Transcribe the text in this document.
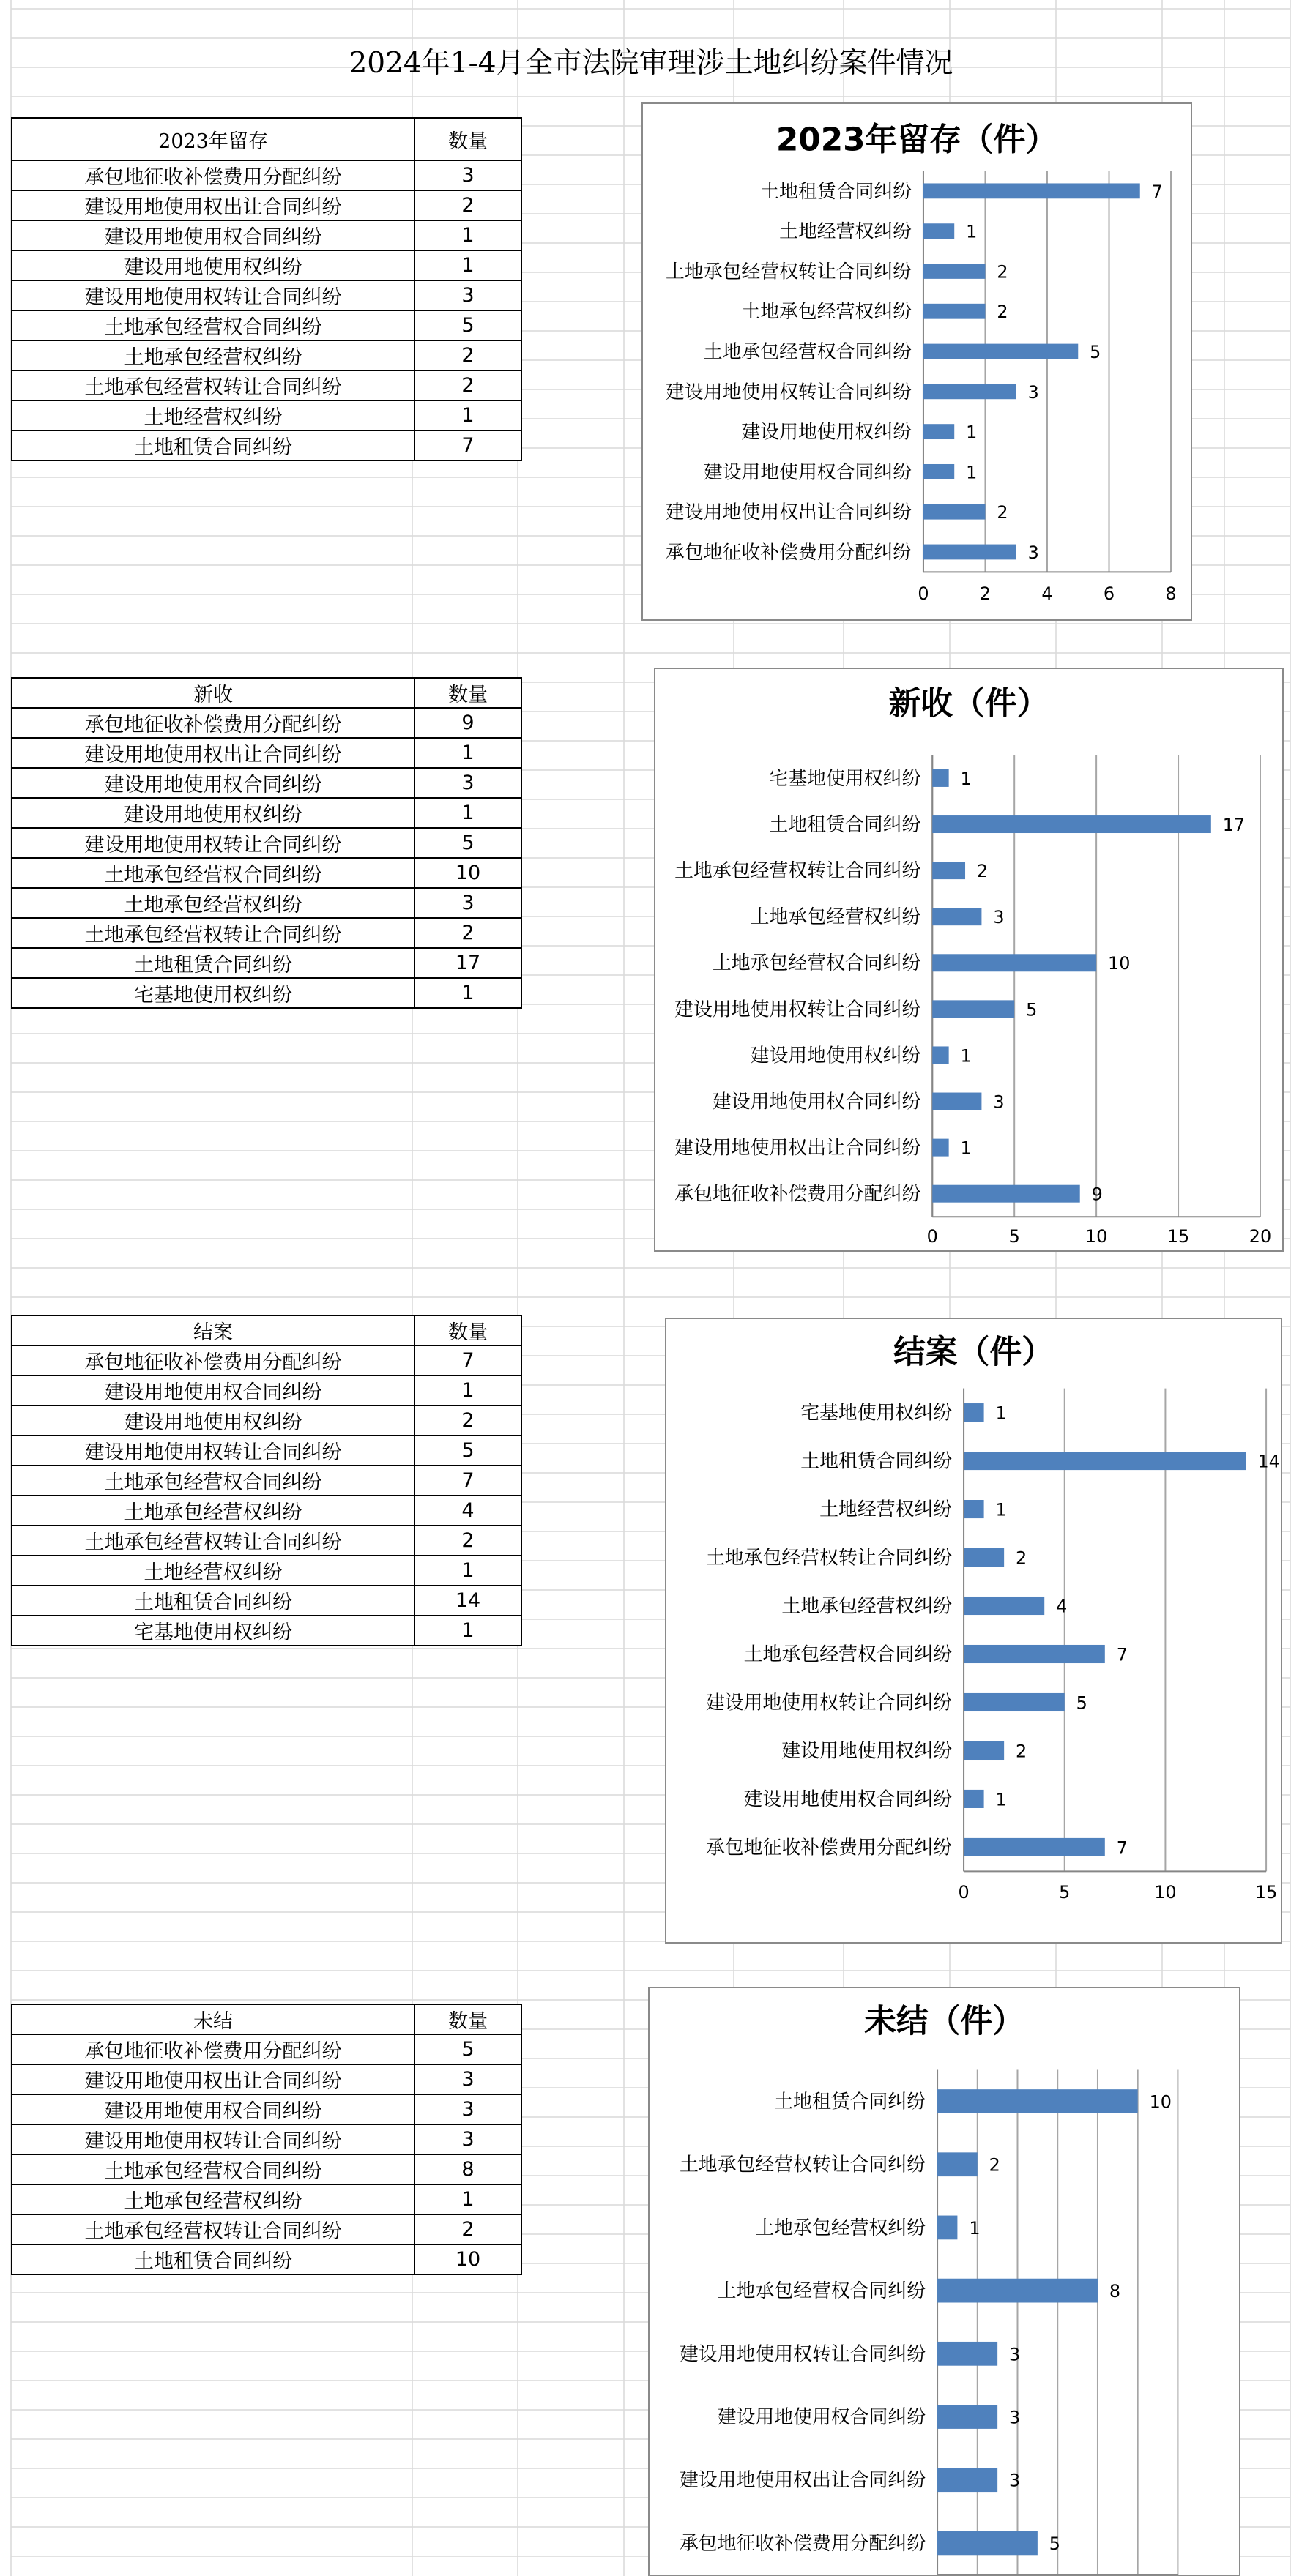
2024年1-4月全市法院审理涉土地纠纷案件情况
2023年留存	数量
承包地征收补偿费用分配纠纷	3
建设用地使用权出让合同纠纷	2
建设用地使用权合同纠纷	1
建设用地使用权纠纷	1
建设用地使用权转让合同纠纷	3
土地承包经营权合同纠纷	5
土地承包经营权纠纷	2
土地承包经营权转让合同纠纷	2
土地经营权纠纷	1
土地租赁合同纠纷	7
新收	数量
承包地征收补偿费用分配纠纷	9
建设用地使用权出让合同纠纷	1
建设用地使用权合同纠纷	3
建设用地使用权纠纷	1
建设用地使用权转让合同纠纷	5
土地承包经营权合同纠纷	10
土地承包经营权纠纷	3
土地承包经营权转让合同纠纷	2
土地租赁合同纠纷	17
宅基地使用权纠纷	1
结案	数量
承包地征收补偿费用分配纠纷	7
建设用地使用权合同纠纷	1
建设用地使用权纠纷	2
建设用地使用权转让合同纠纷	5
土地承包经营权合同纠纷	7
土地承包经营权纠纷	4
土地承包经营权转让合同纠纷	2
土地经营权纠纷	1
土地租赁合同纠纷	14
宅基地使用权纠纷	1
未结	数量
承包地征收补偿费用分配纠纷	5
建设用地使用权出让合同纠纷	3
建设用地使用权合同纠纷	3
建设用地使用权转让合同纠纷	3
土地承包经营权合同纠纷	8
土地承包经营权纠纷	1
土地承包经营权转让合同纠纷	2
土地租赁合同纠纷	10
2023年留存（件）
土地租赁合同纠纷	7
土地经营权纠纷	1
土地承包经营权转让合同纠纷	2
土地承包经营权纠纷	2
土地承包经营权合同纠纷	5
建设用地使用权转让合同纠纷	3
建设用地使用权纠纷	1
建设用地使用权合同纠纷	1
建设用地使用权出让合同纠纷	2
承包地征收补偿费用分配纠纷	3
0	2	4	6	8
新收（件）
宅基地使用权纠纷 1
土地租赁合同纠纷	17
土地承包经营权转让合同纠纷	2
土地承包经营权纠纷	3
土地承包经营权合同纠纷	10
建设用地使用权转让合同纠纷	5
建设用地使用权纠纷 1
建设用地使用权合同纠纷	3
建设用地使用权出让合同纠纷 1
承包地征收补偿费用分配纠纷	9
0	5	10	15	20
结案（件）
宅基地使用权纠纷 1
土地租赁合同纠纷	14
土地经营权纠纷 1
土地承包经营权转让合同纠纷	2
土地承包经营权纠纷	4
土地承包经营权合同纠纷	7
建设用地使用权转让合同纠纷	5
建设用地使用权纠纷	2
建设用地使用权合同纠纷 1
承包地征收补偿费用分配纠纷	7
0	5	10	15
未结（件）
土地租赁合同纠纷	10
土地承包经营权转让合同纠纷	2
土地承包经营权纠纷 1
土地承包经营权合同纠纷	8
建设用地使用权转让合同纠纷	3
建设用地使用权合同纠纷	3
建设用地使用权出让合同纠纷	3
承包地征收补偿费用分配纠纷	5
